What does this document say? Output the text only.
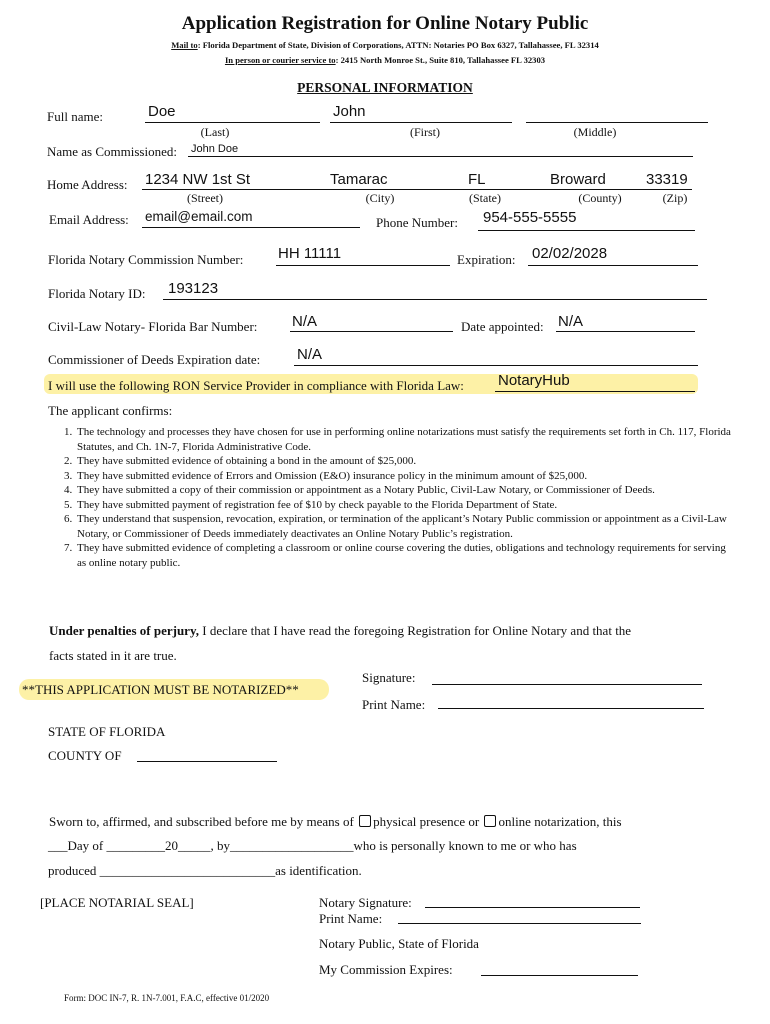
Application Registration for Online Notary Public
Mail to: Florida Department of State, Division of Corporations, ATTN: Notaries PO Box 6327, Tallahassee, FL 32314
In person or courier service to: 2415 North Monroe St., Suite 810, Tallahassee FL 32303
PERSONAL INFORMATION
Full name:	Doe	John
(Last)	(First)	(Middle)
Name as Commissioned: John Doe
Home Address: 1234 NW 1st St	Tamarac	FL	Broward	33319
(Street)	(City)	(State)	(County)	(Zip)
Email Address: email@email.com	Phone Number: 954-555-5555
Florida Notary Commission Number: HH 11111	Expiration: 02/02/2028
Florida Notary ID: 193123
Civil-Law Notary- Florida Bar Number: N/A	Date appointed: N/A
Commissioner of Deeds Expiration date: N/A
I will use the following RON Service Provider in compliance with Florida Law: NotaryHub
The applicant confirms:
1. The technology and processes they have chosen for use in performing online notarizations must satisfy the requirements set forth in Ch. 117, Florida Statutes, and Ch. 1N-7, Florida Administrative Code.
2. They have submitted evidence of obtaining a bond in the amount of $25,000.
3. They have submitted evidence of Errors and Omission (E&O) insurance policy in the minimum amount of $25,000.
4. They have submitted a copy of their commission or appointment as a Notary Public, Civil-Law Notary, or Commissioner of Deeds.
5. They have submitted payment of registration fee of $10 by check payable to the Florida Department of State.
6. They understand that suspension, revocation, expiration, or termination of the applicant’s Notary Public commission or appointment as a Civil-Law Notary, or Commissioner of Deeds immediately deactivates an Online Notary Public’s registration.
7. They have submitted evidence of completing a classroom or online course covering the duties, obligations and technology requirements for serving as online notary public.
Under penalties of perjury, I declare that I have read the foregoing Registration for Online Notary and that the
facts stated in it are true.
Signature:
**THIS APPLICATION MUST BE NOTARIZED**
Print Name:
STATE OF FLORIDA
COUNTY OF
Sworn to, affirmed, and subscribed before me by means of physical presence or online notarization, this
___Day of _________20_____, by___________________who is personally known to me or who has
produced ___________________________as identification.
[PLACE NOTARIAL SEAL]	Notary Signature:
Print Name:
Notary Public, State of Florida
My Commission Expires:
Form: DOC IN-7, R. 1N-7.001, F.A.C, effective 01/2020
